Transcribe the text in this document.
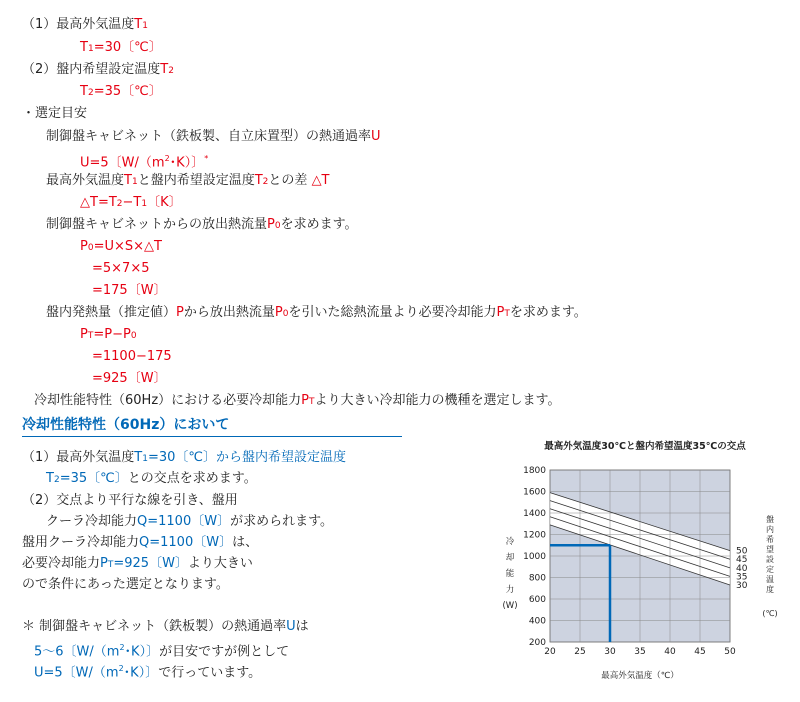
（1）最高外気温度T1
T1=30〔℃〕
（2）盤内希望設定温度T2
T2=35〔℃〕
・選定目安
制御盤キャビネット（鉄板製、自立床置型）の熱通過率U
U=5〔$W/(m^2$･K）〕*
最高外気温度T1と盤内希望設定温度T2との差 △T
△T=T2−T1〔K〕
制御盤キャビネットからの放出熱流量P0を求めます。
P0=U×S×△T
=5×7×5
=175〔W〕
盤内発熱量（推定値）Pから放出熱流量P0を引いた総熱流量より必要冷却能力PTを求めます。
PT=P−P0
=1100−175
=925〔W〕
冷却性能特性（60Hz）における必要冷却能力PTより大きい冷却能力の機種を選定します。
冷却性能特性（60Hz）において
（1）最高外気温度T1=30〔℃〕から盤内希望設定温度
T2=35〔℃〕との交点を求めます。
（2）交点より平行な線を引き、盤用
クーラ冷却能力Q=1100〔W〕が求められます。
盤用クーラ冷却能力Q=1100〔W〕は、
必要冷却能力PT=925〔W〕より大きい
ので条件にあった選定となります。
＊ 制御盤キャビネット（鉄板製）の熱通過率Uは
5〜6〔$W/(m^2$･K）〕が目安ですが例として
U=5〔$W/(m^2$･K）〕で行っています。
最高外気温度30℃と盤内希望温度35℃の交点
200
400
600
800
1000
1200
1400
1600
1800
20 25 30 35 40 45 50
50
45
40
35
30
冷
却
能
力
(W)
盤
内
希
望
設
定
温
度
(℃)
最高外気温度（℃）
